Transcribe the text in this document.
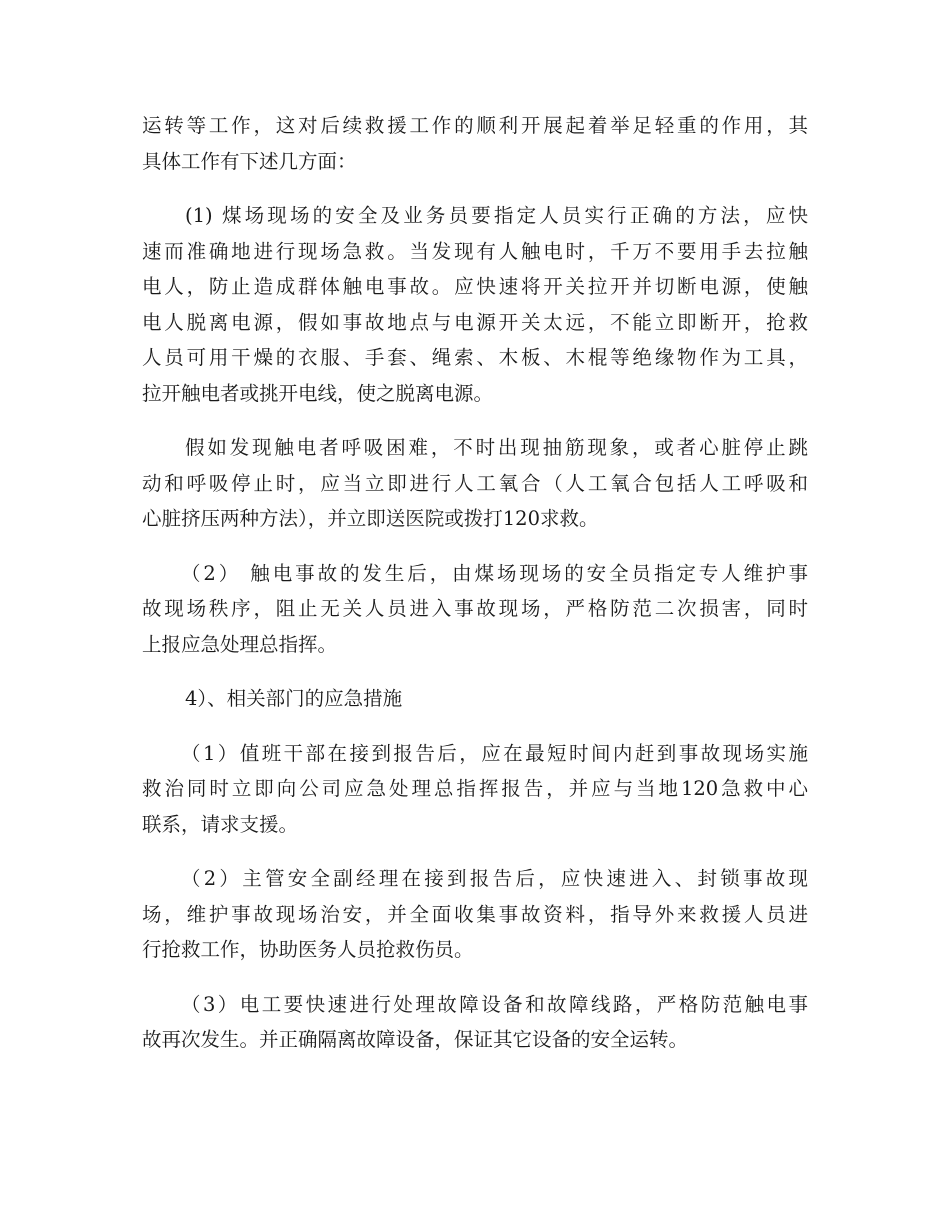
运转等工作，这对后续救援工作的顺利开展起着举足轻重的作用，其
具体工作有下述几方面：
(1) 煤场现场的安全及业务员要指定人员实行正确的方法，应快
速而准确地进行现场急救。当发现有人触电时，千万不要用手去拉触
电人，防止造成群体触电事故。应快速将开关拉开并切断电源，使触
电人脱离电源，假如事故地点与电源开关太远，不能立即断开，抢救
人员可用干燥的衣服、手套、绳索、木板、木棍等绝缘物作为工具，
拉开触电者或挑开电线，使之脱离电源。
假如发现触电者呼吸困难，不时出现抽筋现象，或者心脏停止跳
动和呼吸停止时，应当立即进行人工氧合（人工氧合包括人工呼吸和
心脏挤压两种方法），并立即送医院或拨打120求救。
（2） 触电事故的发生后，由煤场现场的安全员指定专人维护事
故现场秩序，阻止无关人员进入事故现场，严格防范二次损害，同时
上报应急处理总指挥。
4）、相关部门的应急措施
（1）值班干部在接到报告后，应在最短时间内赶到事故现场实施
救治同时立即向公司应急处理总指挥报告，并应与当地120急救中心
联系，请求支援。
（2）主管安全副经理在接到报告后，应快速进入、封锁事故现
场，维护事故现场治安，并全面收集事故资料，指导外来救援人员进
行抢救工作，协助医务人员抢救伤员。
（3）电工要快速进行处理故障设备和故障线路，严格防范触电事
故再次发生。并正确隔离故障设备，保证其它设备的安全运转。
